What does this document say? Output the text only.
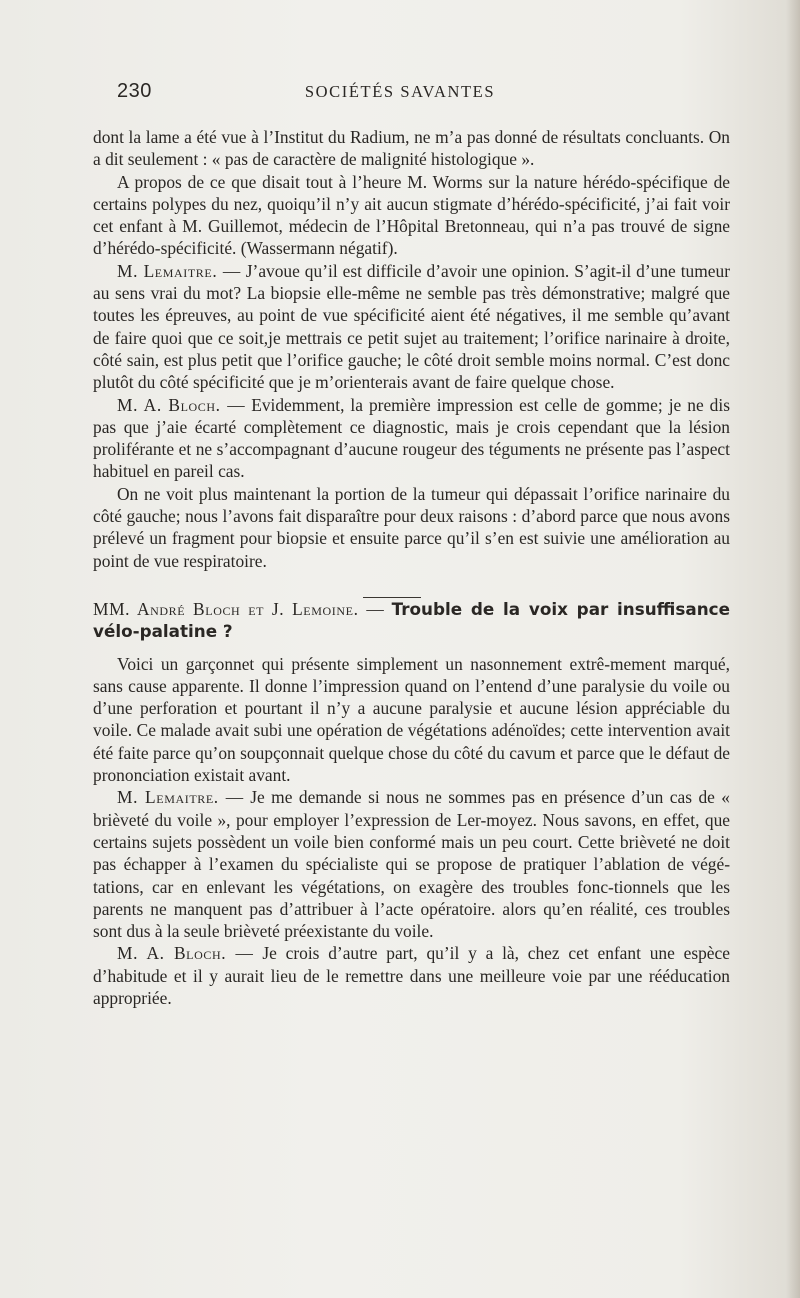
230	SOCIÉTÉS SAVANTES

dont la lame a été vue à l’Institut du Radium, ne m’a pas donné de résultats concluants. On a dit seulement : « pas de caractère de malignité histologique ».

A propos de ce que disait tout à l’heure M. Worms sur la nature hérédo-spécifique de certains polypes du nez, quoiqu’il n’y ait aucun stigmate d’hérédo-spécificité, j’ai fait voir cet enfant à M. Guillemot, médecin de l’Hôpital Bretonneau, qui n’a pas trouvé de signe d’hérédo-spécificité. (Wassermann négatif).

M. Lemaitre. — J’avoue qu’il est difficile d’avoir une opinion. S’agit-il d’une tumeur au sens vrai du mot? La biopsie elle-même ne semble pas très démonstrative; malgré que toutes les épreuves, au point de vue spécificité aient été négatives, il me semble qu’avant de faire quoi que ce soit,je mettrais ce petit sujet au traitement; l’orifice narinaire à droite, côté sain, est plus petit que l’orifice gauche; le côté droit semble moins normal. C’est donc plutôt du côté spécificité que je m’orienterais avant de faire quelque chose.

M. A. Bloch. — Evidemment, la première impression est celle de gomme; je ne dis pas que j’aie écarté complètement ce diagnostic, mais je crois cependant que la lésion proliférante et ne s’accompagnant d’aucune rougeur des téguments ne présente pas l’aspect habituel en pareil cas.

On ne voit plus maintenant la portion de la tumeur qui dépassait l’orifice narinaire du côté gauche; nous l’avons fait disparaître pour deux raisons : d’abord parce que nous avons prélevé un fragment pour biopsie et ensuite parce qu’il s’en est suivie une amélioration au point de vue respiratoire.

MM. André Bloch et J. Lemoine. — Trouble de la voix par insuffisance vélo-palatine ?

Voici un garçonnet qui présente simplement un nasonnement extrê-mement marqué, sans cause apparente. Il donne l’impression quand on l’entend d’une paralysie du voile ou d’une perforation et pourtant il n’y a aucune paralysie et aucune lésion appréciable du voile. Ce malade avait subi une opération de végétations adénoïdes; cette intervention avait été faite parce qu’on soupçonnait quelque chose du côté du cavum et parce que le défaut de prononciation existait avant.

M. Lemaitre. — Je me demande si nous ne sommes pas en présence d’un cas de « brièveté du voile », pour employer l’expression de Ler-moyez. Nous savons, en effet, que certains sujets possèdent un voile bien conformé mais un peu court. Cette brièveté ne doit pas échapper à l’examen du spécialiste qui se propose de pratiquer l’ablation de végé-tations, car en enlevant les végétations, on exagère des troubles fonc-tionnels que les parents ne manquent pas d’attribuer à l’acte opératoire. alors qu’en réalité, ces troubles sont dus à la seule brièveté préexistante du voile.

M. A. Bloch. — Je crois d’autre part, qu’il y a là, chez cet enfant une espèce d’habitude et il y aurait lieu de le remettre dans une meilleure voie par une rééducation appropriée.
